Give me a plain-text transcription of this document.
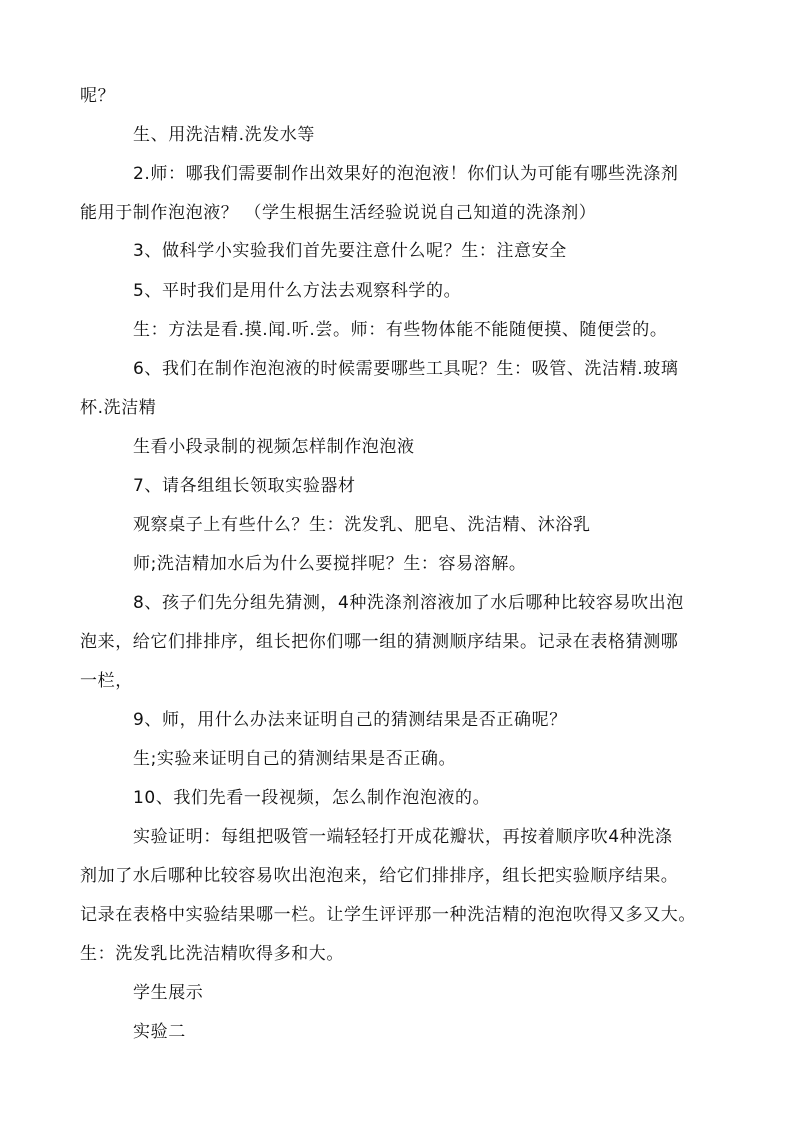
呢？
生、用洗洁精.洗发水等
2.师：哪我们需要制作出效果好的泡泡液！你们认为可能有哪些洗涤剂
能用于制作泡泡液？ （学生根据生活经验说说自己知道的洗涤剂）
3、做科学小实验我们首先要注意什么呢？生：注意安全
5、平时我们是用什么方法去观察科学的。
生：方法是看.摸.闻.听.尝。师：有些物体能不能随便摸、随便尝的。
6、我们在制作泡泡液的时候需要哪些工具呢？生：吸管、洗洁精.玻璃
杯.洗洁精
生看小段录制的视频怎样制作泡泡液
7、请各组组长领取实验器材
观察桌子上有些什么？生：洗发乳、肥皂、洗洁精、沐浴乳
师;洗洁精加水后为什么要搅拌呢？生：容易溶解。
8、孩子们先分组先猜测，4种洗涤剂溶液加了水后哪种比较容易吹出泡
泡来，给它们排排序，组长把你们哪一组的猜测顺序结果。记录在表格猜测哪
一栏，
9、师，用什么办法来证明自己的猜测结果是否正确呢？
生;实验来证明自己的猜测结果是否正确。
10、我们先看一段视频，怎么制作泡泡液的。
实验证明：每组把吸管一端轻轻打开成花瓣状，再按着顺序吹4种洗涤
剂加了水后哪种比较容易吹出泡泡来，给它们排排序，组长把实验顺序结果。
记录在表格中实验结果哪一栏。让学生评评那一种洗洁精的泡泡吹得又多又大。
生：洗发乳比洗洁精吹得多和大。
学生展示
实验二
